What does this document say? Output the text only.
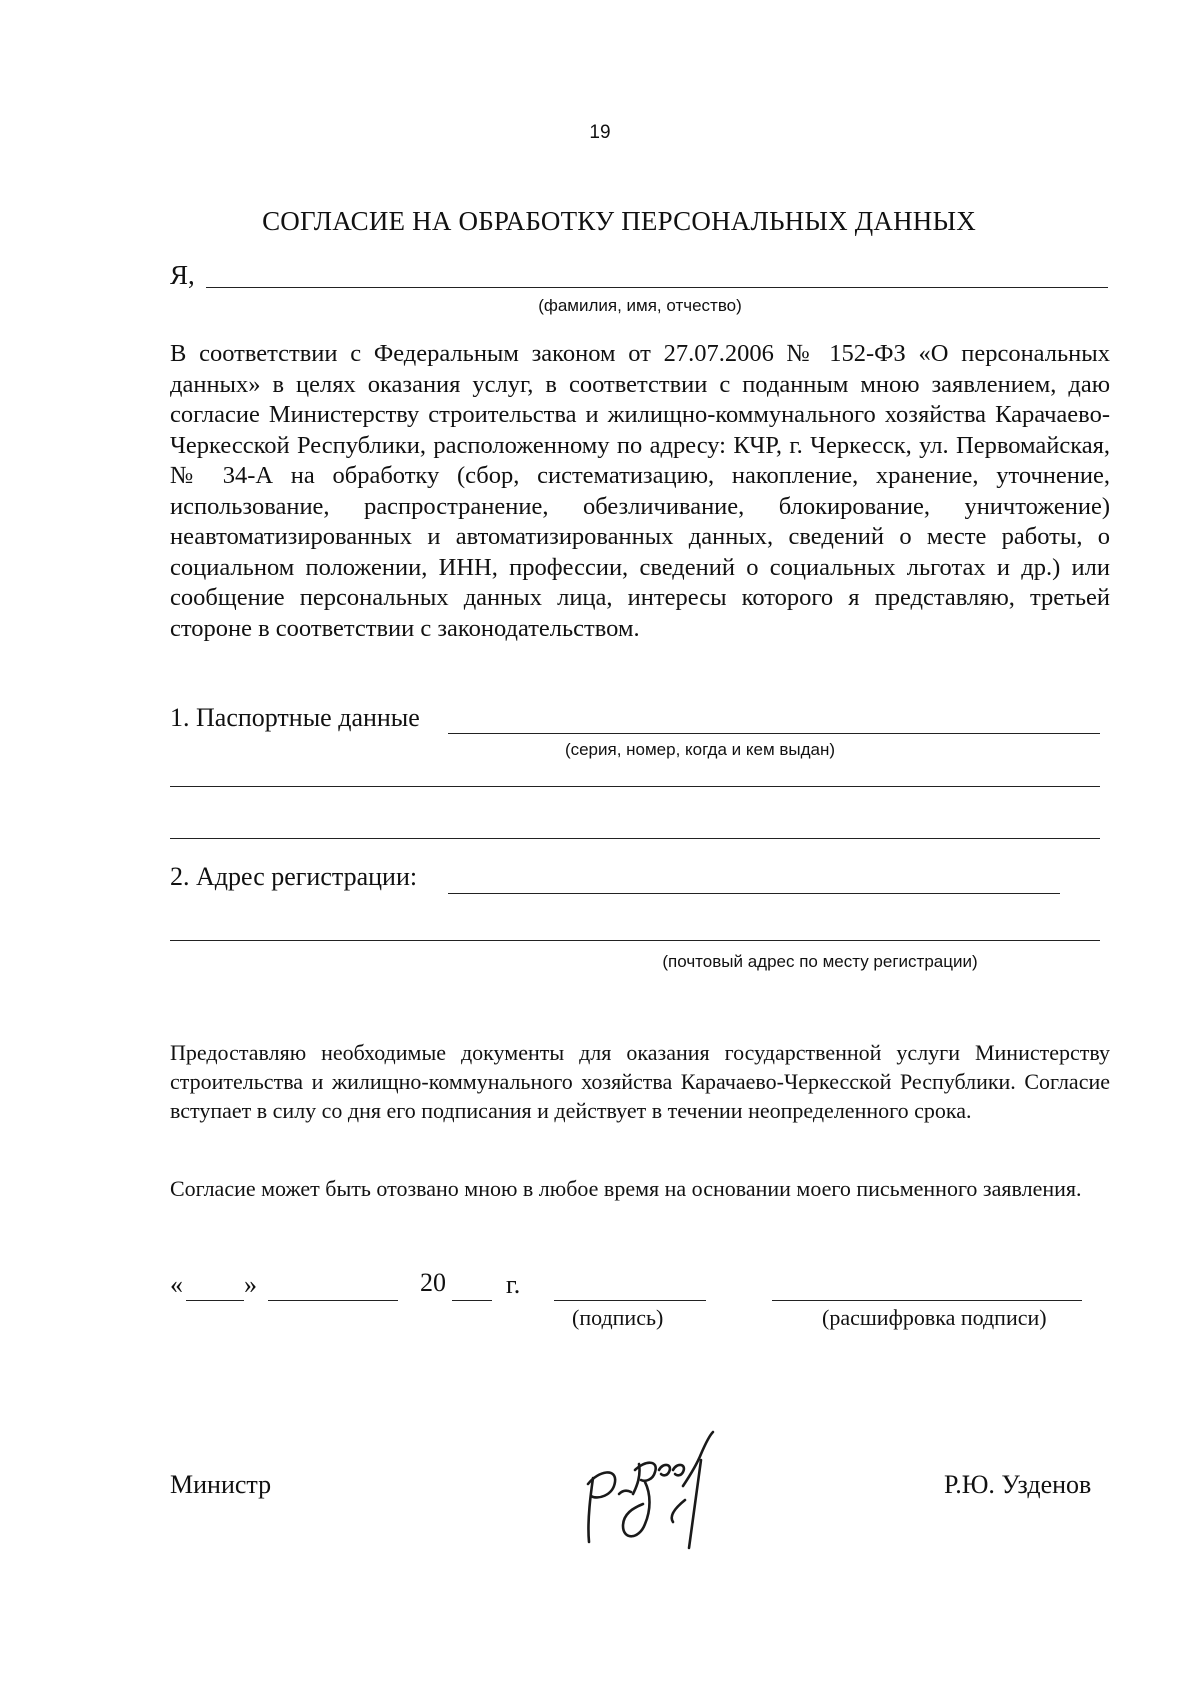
19
СОГЛАСИЕ НА ОБРАБОТКУ ПЕРСОНАЛЬНЫХ ДАННЫХ
Я,
(фамилия, имя, отчество)
В соответствии с Федеральным законом от 27.07.2006 № 152-ФЗ «О персональных данных» в целях оказания услуг, в соответствии с поданным мною заявлением, даю согласие Министерству строительства и жилищно-коммунального хозяйства Карачаево-Черкесской Республики, расположенному по адресу: КЧР, г. Черкесск, ул. Первомайская, № 34-А на обработку (сбор, систематизацию, накопление, хранение, уточнение, использование, распространение, обезличивание, блокирование, уничтожение) неавтоматизированных и автоматизированных данных, сведений о месте работы, о социальном положении, ИНН, профессии, сведений о социальных льготах и др.) или сообщение персональных данных лица, интересы которого я представляю, третьей стороне в соответствии с законодательством.
1. Паспортные данные
(серия, номер, когда и кем выдан)
2. Адрес регистрации:
(почтовый адрес по месту регистрации)
Предоставляю необходимые документы для оказания государственной услуги Министерству строительства и жилищно-коммунального хозяйства Карачаево-Черкесской Республики. Согласие вступает в силу со дня его подписания и действует в течении неопределенного срока.
Согласие может быть отозвано мною в любое время на основании моего письменного заявления.
« »	20 г.
(подпись)	(расшифровка подписи)
Министр	Р.Ю. Узденов
